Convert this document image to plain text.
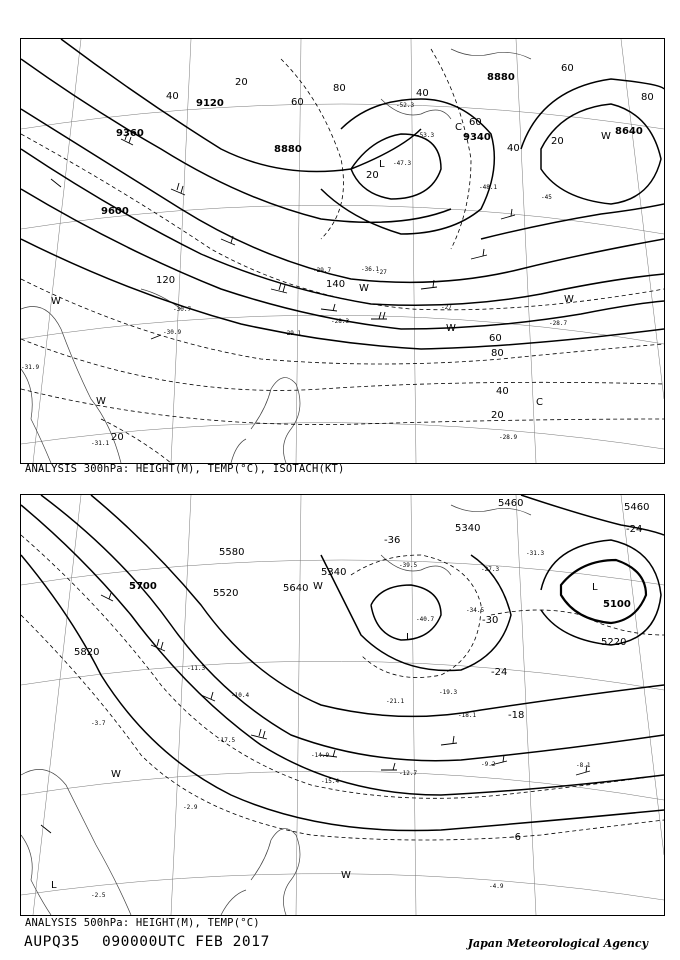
9360
9600
8880
8880
9120
9340
8640
20
40
60
80	40
60
40
20
120	140
60
80
20
40
20
20
60
80
L
W
C
W
W
W
W
C
W
-47.3
-52.3
-53.3
-45
-48.1
-27
-29.7
-30.7
-30.9	-29.1
-28.7
-27
-36.1
-28.3
-31.9
-31.1
-28.9
ANALYSIS 300hPa: HEIGHT(M), TEMP(°C), ISOTACH(KT)
5700
5820
5520
5340
5460	5460
5340
5220
5100
5640
5580
-24
-30
-24
-18
-36
-6
L
L
W
W
L
W
-39.5
-40.7
-34.5
-27.3
-31.3
-12.7
-9.2	-8.1
-4.9
-2.5
-2.9
-3.7
-14.9
-21.1
-19.3
-18.1
-15.4
-17.5
-10.4
-11.3
ANALYSIS 500hPa: HEIGHT(M), TEMP(°C)
AUPQ35 090000UTC FEB 2017	Japan Meteorological Agency
